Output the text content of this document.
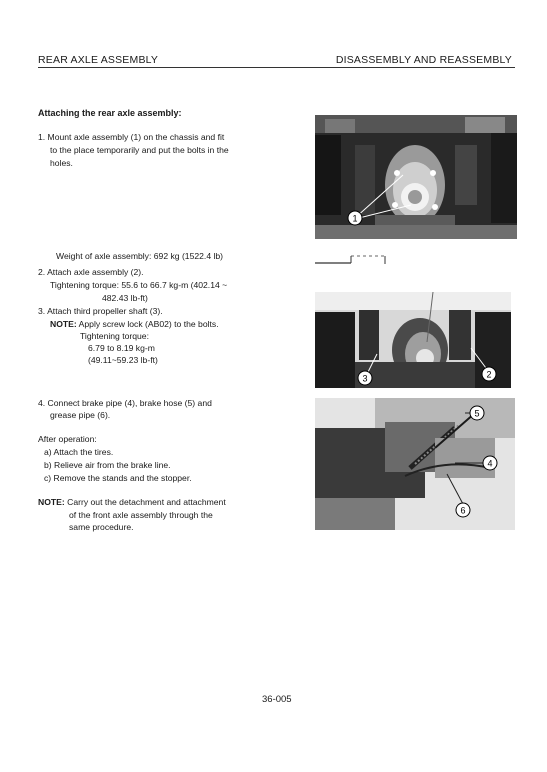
REAR AXLE ASSEMBLY	DISASSEMBLY AND REASSEMBLY
Attaching the rear axle assembly:
1. Mount axle assembly (1) on the chassis and fit
to the place temporarily and put the bolts in the
holes.
Weight of axle assembly: 692 kg (1522.4 lb)
2. Attach axle assembly (2).
Tightening torque: 55.6 to 66.7 kg-m (402.14 ~
482.43 lb-ft)
3. Attach third propeller shaft (3).
NOTE: Apply screw lock (AB02) to the bolts.
Tightening torque:
6.79 to 8.19 kg-m
(49.11~59.23 lb-ft)
4. Connect brake pipe (4), brake hose (5) and
grease pipe (6).
After operation:
a) Attach the tires.
b) Relieve air from the brake line.
c) Remove the stands and the stopper.
NOTE: Carry out the detachment and attachment
of the front axle assembly through the
same procedure.
1
3	2
5
4
6
36-005
